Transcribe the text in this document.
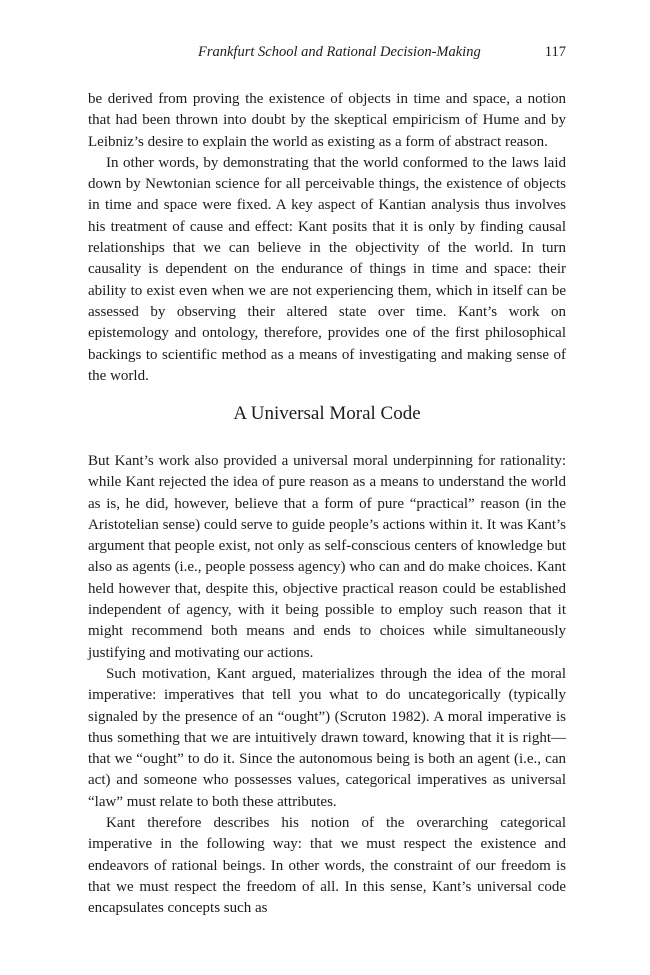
Frankfurt School and Rational Decision-Making	117

be derived from proving the existence of objects in time and space, a notion that had been thrown into doubt by the skeptical empiricism of Hume and by Leibniz’s desire to explain the world as existing as a form of abstract reason.

In other words, by demonstrating that the world conformed to the laws laid down by Newtonian science for all perceivable things, the existence of objects in time and space were fixed. A key aspect of Kantian analysis thus involves his treatment of cause and effect: Kant posits that it is only by finding causal relationships that we can believe in the objectivity of the world. In turn causality is dependent on the endurance of things in time and space: their ability to exist even when we are not experiencing them, which in itself can be assessed by observing their altered state over time. Kant’s work on epistemology and ontology, therefore, provides one of the first philosophical backings to scientific method as a means of investigating and making sense of the world.

A Universal Moral Code

But Kant’s work also provided a universal moral underpinning for rationality: while Kant rejected the idea of pure reason as a means to understand the world as is, he did, however, believe that a form of pure “practical” reason (in the Aristotelian sense) could serve to guide people’s actions within it. It was Kant’s argument that people exist, not only as self-conscious centers of knowledge but also as agents (i.e., people possess agency) who can and do make choices. Kant held however that, despite this, objective practical reason could be established independent of agency, with it being possible to employ such reason that it might recommend both means and ends to choices while simultaneously justifying and motivating our actions.

Such motivation, Kant argued, materializes through the idea of the moral imperative: imperatives that tell you what to do uncategorically (typically signaled by the presence of an “ought”) (Scruton 1982). A moral imperative is thus something that we are intuitively drawn toward, knowing that it is right—that we “ought” to do it. Since the autonomous being is both an agent (i.e., can act) and someone who possesses values, categorical imperatives as universal “law” must relate to both these attributes.

Kant therefore describes his notion of the overarching categorical imperative in the following way: that we must respect the existence and endeavors of rational beings. In other words, the constraint of our freedom is that we must respect the freedom of all. In this sense, Kant’s universal code encapsulates concepts such as
